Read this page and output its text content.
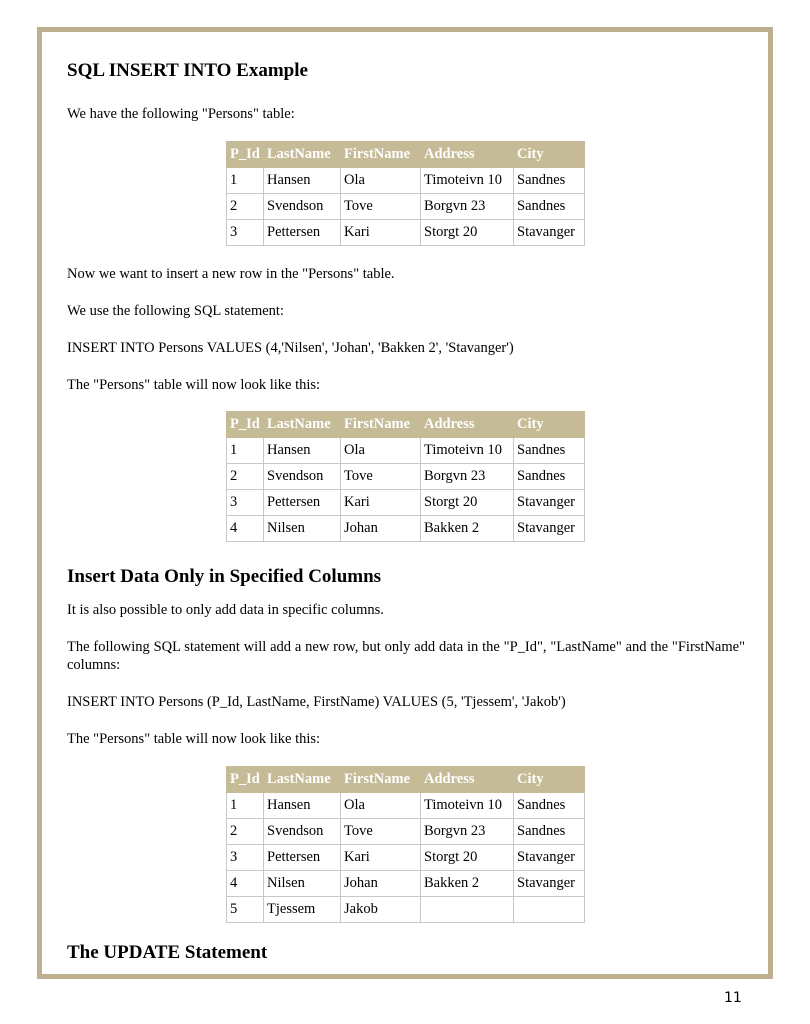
SQL INSERT INTO Example

We have the following "Persons" table:

P_Id	LastName	FirstName	Address	City
1	Hansen	Ola	Timoteivn 10	Sandnes
2	Svendson	Tove	Borgvn 23	Sandnes
3	Pettersen	Kari	Storgt 20	Stavanger

Now we want to insert a new row in the "Persons" table.

We use the following SQL statement:

INSERT INTO Persons VALUES (4,'Nilsen', 'Johan', 'Bakken 2', 'Stavanger')

The "Persons" table will now look like this:

P_Id	LastName	FirstName	Address	City
1	Hansen	Ola	Timoteivn 10	Sandnes
2	Svendson	Tove	Borgvn 23	Sandnes
3	Pettersen	Kari	Storgt 20	Stavanger
4	Nilsen	Johan	Bakken 2	Stavanger
Insert Data Only in Specified Columns

It is also possible to only add data in specific columns.

The following SQL statement will add a new row, but only add data in the "P_Id", "LastName" and the "FirstName" columns:

INSERT INTO Persons (P_Id, LastName, FirstName) VALUES (5, 'Tjessem', 'Jakob')

The "Persons" table will now look like this:

P_Id	LastName	FirstName	Address	City
1	Hansen	Ola	Timoteivn 10	Sandnes
2	Svendson	Tove	Borgvn 23	Sandnes
3	Pettersen	Kari	Storgt 20	Stavanger
4	Nilsen	Johan	Bakken 2	Stavanger
5	Tjessem	Jakob		
The UPDATE Statement
11
